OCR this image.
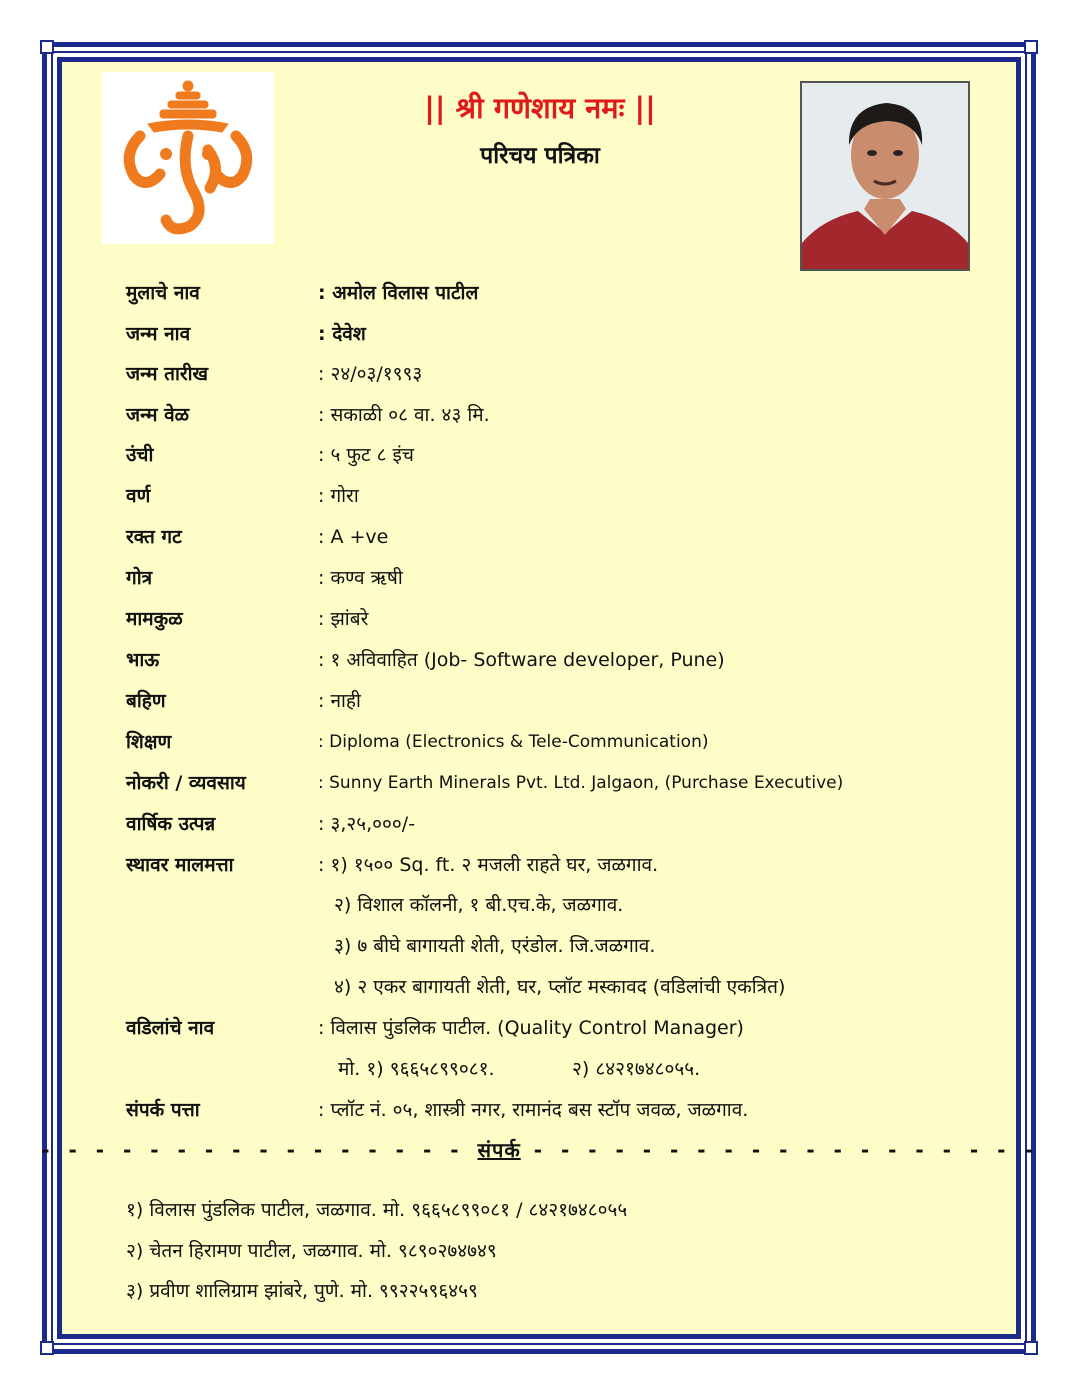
|| श्री गणेशाय नमः ||
परिचय पत्रिका
मुलाचे नाव	: अमोल विलास पाटील
जन्म नाव	: देवेश
जन्म तारीख	: २४/०३/१९९३
जन्म वेळ	: सकाळी ०८ वा. ४३ मि.
उंची	: ५ फुट ८ इंच
वर्ण	: गोरा
रक्त गट	: A +ve
गोत्र	: कण्व ऋषी
मामकुळ	: झांबरे
भाऊ	: १ अविवाहित (Job- Software developer, Pune)
बहिण	: नाही
शिक्षण	: Diploma (Electronics & Tele-Communication)
नोकरी / व्यवसाय	: Sunny Earth Minerals Pvt. Ltd. Jalgaon, (Purchase Executive)
वार्षिक उत्पन्न	: ३,२५,०००/-
स्थावर मालमत्ता	: १) १५०० Sq. ft. २ मजली राहते घर, जळगाव.
२) विशाल कॉलनी, १ बी.एच.के, जळगाव.
३) ७ बीघे बागायती शेती, एरंडोल. जि.जळगाव.
४) २ एकर बागायती शेती, घर, प्लॉट मस्कावद (वडिलांची एकत्रित)
वडिलांचे नाव	: विलास पुंडलिक पाटील. (Quality Control Manager)
मो. १) ९६६५८९९०८१.	२) ८४२१७४८०५५.
संपर्क पत्ता	: प्लॉट नं. ०५, शास्त्री नगर, रामानंद बस स्टॉप जवळ, जळगाव.
- - - - - - - - - - - - - - - - संपर्क - - - - - - - - - - - - - - - - - - -
१) विलास पुंडलिक पाटील, जळगाव. मो. ९६६५८९९०८१ / ८४२१७४८०५५
२) चेतन हिरामण पाटील, जळगाव. मो. ९८९०२७४७४९
३) प्रवीण शालिग्राम झांबरे, पुणे. मो. ९९२२५९६४५९
